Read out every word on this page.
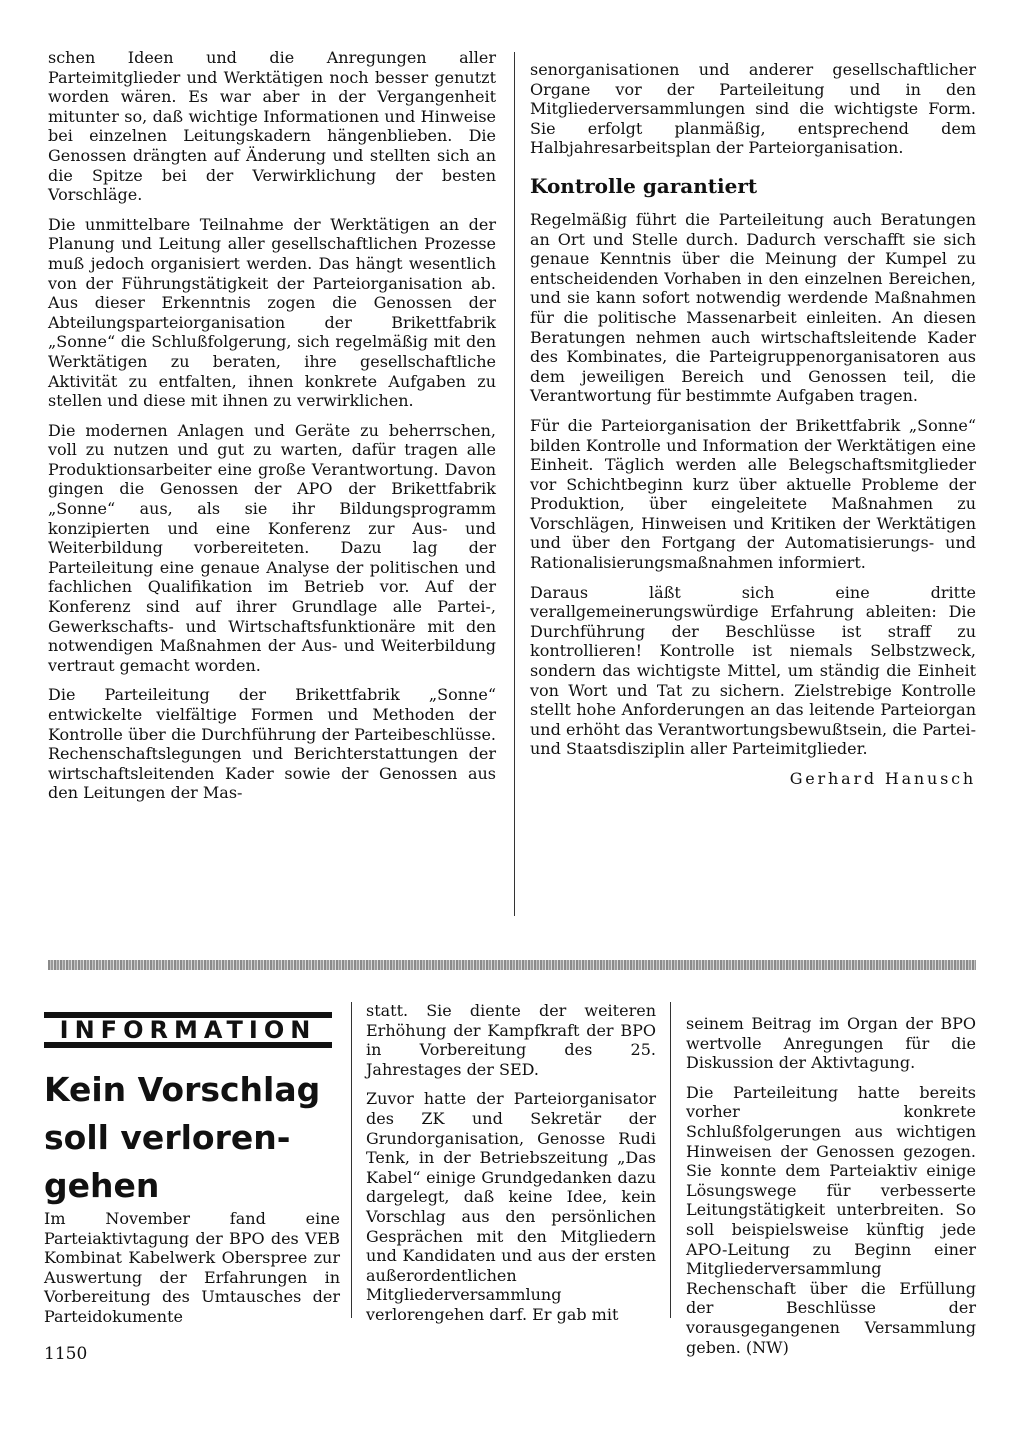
schen Ideen und die Anregungen aller Parteimitglieder und Werktätigen noch besser genutzt worden wären. Es war aber in der Vergangenheit mitunter so, daß wichtige Informationen und Hinweise bei einzelnen Leitungskadern hängenblieben. Die Genossen drängten auf Änderung und stellten sich an die Spitze bei der Verwirklichung der besten Vorschläge.

Die unmittelbare Teilnahme der Werktätigen an der Planung und Leitung aller gesellschaftlichen Prozesse muß jedoch organisiert werden. Das hängt wesentlich von der Führungstätigkeit der Parteiorganisation ab. Aus dieser Erkenntnis zogen die Genossen der Abteilungsparteiorganisation der Brikettfabrik „Sonne“ die Schlußfolgerung, sich regelmäßig mit den Werktätigen zu beraten, ihre gesellschaftliche Aktivität zu entfalten, ihnen konkrete Aufgaben zu stellen und diese mit ihnen zu verwirklichen.

Die modernen Anlagen und Geräte zu beherrschen, voll zu nutzen und gut zu warten, dafür tragen alle Produktionsarbeiter eine große Verantwortung. Davon gingen die Genossen der APO der Brikettfabrik „Sonne“ aus, als sie ihr Bildungsprogramm konzipierten und eine Konferenz zur Aus- und Weiterbildung vorbereiteten. Dazu lag der Parteileitung eine genaue Analyse der politischen und fachlichen Qualifikation im Betrieb vor. Auf der Konferenz sind auf ihrer Grundlage alle Partei-, Gewerkschafts- und Wirtschaftsfunktionäre mit den notwendigen Maßnahmen der Aus- und Weiterbildung vertraut gemacht worden.

Die Parteileitung der Brikettfabrik „Sonne“ entwickelte vielfältige Formen und Methoden der Kontrolle über die Durchführung der Parteibeschlüsse. Rechenschaftslegungen und Berichterstattungen der wirtschaftsleitenden Kader sowie der Genossen aus den Leitungen der Mas-

senorganisationen und anderer gesellschaftlicher Organe vor der Parteileitung und in den Mitgliederversammlungen sind die wichtigste Form. Sie erfolgt planmäßig, entsprechend dem Halbjahresarbeitsplan der Parteiorganisation.

Kontrolle garantiert

Regelmäßig führt die Parteileitung auch Beratungen an Ort und Stelle durch. Dadurch verschafft sie sich genaue Kenntnis über die Meinung der Kumpel zu entscheidenden Vorhaben in den einzelnen Bereichen, und sie kann sofort notwendig werdende Maßnahmen für die politische Massenarbeit einleiten. An diesen Beratungen nehmen auch wirtschaftsleitende Kader des Kombinates, die Parteigruppenorganisatoren aus dem jeweiligen Bereich und Genossen teil, die Verantwortung für bestimmte Aufgaben tragen.

Für die Parteiorganisation der Brikettfabrik „Sonne“ bilden Kontrolle und Information der Werktätigen eine Einheit. Täglich werden alle Belegschaftsmitglieder vor Schichtbeginn kurz über aktuelle Probleme der Produktion, über eingeleitete Maßnahmen zu Vorschlägen, Hinweisen und Kritiken der Werktätigen und über den Fortgang der Automatisierungs- und Rationalisierungsmaßnahmen informiert.

Daraus läßt sich eine dritte verallgemeinerungswürdige Erfahrung ableiten: Die Durchführung der Beschlüsse ist straff zu kontrollieren! Kontrolle ist niemals Selbstzweck, sondern das wichtigste Mittel, um ständig die Einheit von Wort und Tat zu sichern. Zielstrebige Kontrolle stellt hohe Anforderungen an das leitende Parteiorgan und erhöht das Verantwortungsbewußtsein, die Partei- und Staatsdisziplin aller Parteimitglieder.

Gerhard Hanusch
INFORMATION
Kein Vorschlag
soll verloren-
gehen

Im November fand eine Parteiaktivtagung der BPO des VEB Kombinat Kabelwerk Oberspree zur Auswertung der Erfahrungen in Vorbereitung des Umtausches der Parteidokumente

statt. Sie diente der weiteren Erhöhung der Kampfkraft der BPO in Vorbereitung des 25. Jahrestages der SED.

Zuvor hatte der Parteiorganisator des ZK und Sekretär der Grundorganisation, Genosse Rudi Tenk, in der Betriebszeitung „Das Kabel“ einige Grundgedanken dazu dargelegt, daß keine Idee, kein Vorschlag aus den persönlichen Gesprächen mit den Mitgliedern und Kandidaten und aus der ersten außerordentlichen Mitgliederversammlung verlorengehen darf. Er gab mit

seinem Beitrag im Organ der BPO wertvolle Anregungen für die Diskussion der Aktivtagung.

Die Parteileitung hatte bereits vorher konkrete Schlußfolgerungen aus wichtigen Hinweisen der Genossen gezogen. Sie konnte dem Parteiaktiv einige Lösungswege für verbesserte Leitungstätigkeit unterbreiten. So soll beispielsweise künftig jede APO-Leitung zu Beginn einer Mitgliederversammlung Rechenschaft über die Erfüllung der Beschlüsse der vorausgegangenen Versammlung geben. (NW)

1150
